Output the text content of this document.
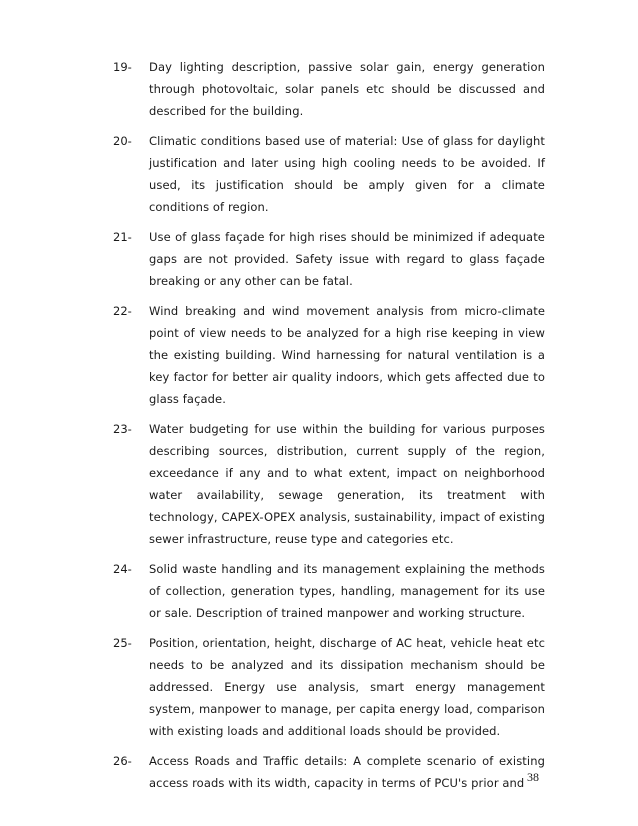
19-	Day lighting description, passive solar gain, energy generation through photovoltaic, solar panels etc should be discussed and described for the building.
20-	Climatic conditions based use of material: Use of glass for daylight justification and later using high cooling needs to be avoided. If used, its justification should be amply given for a climate conditions of region.
21-	Use of glass façade for high rises should be minimized if adequate gaps are not provided. Safety issue with regard to glass façade breaking or any other can be fatal.
22-	Wind breaking and wind movement analysis from micro-climate point of view needs to be analyzed for a high rise keeping in view the existing building. Wind harnessing for natural ventilation is a key factor for better air quality indoors, which gets affected due to glass façade.
23-	Water budgeting for use within the building for various purposes describing sources, distribution, current supply of the region, exceedance if any and to what extent, impact on neighborhood water availability, sewage generation, its treatment with technology, CAPEX-OPEX analysis, sustainability, impact of existing sewer infrastructure, reuse type and categories etc.
24-	Solid waste handling and its management explaining the methods of collection, generation types, handling, management for its use or sale. Description of trained manpower and working structure.
25-	Position, orientation, height, discharge of AC heat, vehicle heat etc needs to be analyzed and its dissipation mechanism should be addressed. Energy use analysis, smart energy management system, manpower to manage, per capita energy load, comparison with existing loads and additional loads should be provided.
26-	Access Roads and Traffic details: A complete scenario of existing access roads with its width, capacity in terms of PCU's prior and 38
